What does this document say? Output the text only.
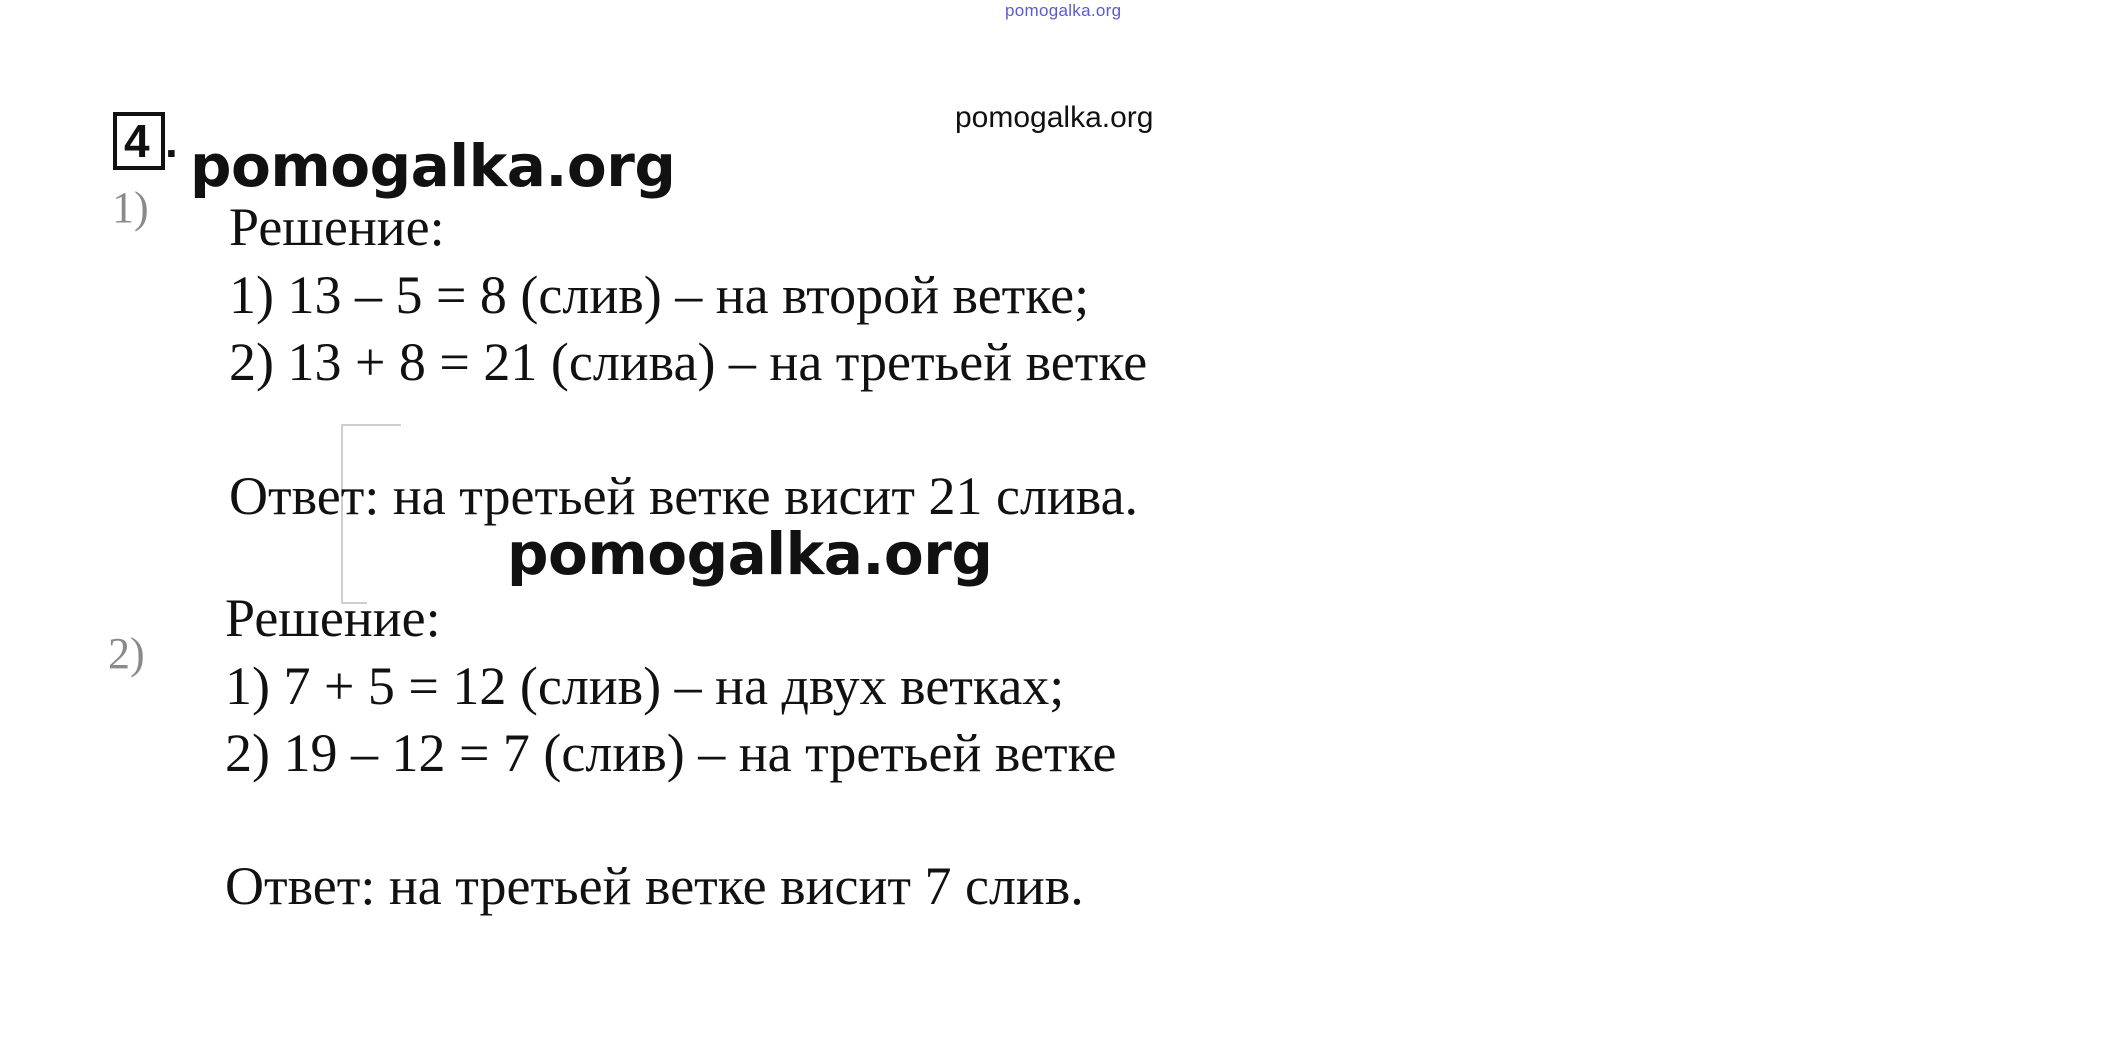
pomogalka.org
pomogalka.org
4 . pomogalka.org
1) Решение:
1) 13 – 5 = 8 (слив) – на второй ветке;
2) 13 + 8 = 21 (слива) – на третьей ветке
Ответ: на третьей ветке висит 21 слива.
pomogalka.org
2)
Решение:
1) 7 + 5 = 12 (слив) – на двух ветках;
2) 19 – 12 = 7 (слив) – на третьей ветке
Ответ: на третьей ветке висит 7 слив.
